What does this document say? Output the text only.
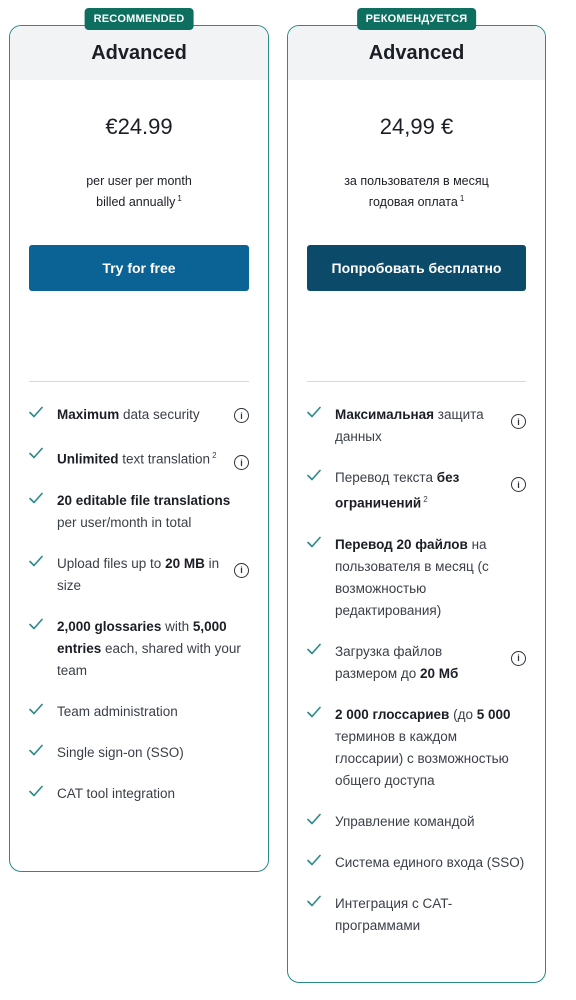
RECOMMENDED
Advanced
€24.99
per user per month
billed annually $^1$
Try for free
Maximum data security	i
Unlimited text translation $^2$
i
20 editable file translations per user/month in total
Upload files up to 20 MB in size
i
2,000 glossaries with 5,000 entries each, shared with your team
Team administration
Single sign-on (SSO)
CAT tool integration
РЕКОМЕНДУЕТСЯ
Advanced
24,99 €
за пользователя в месяц
годовая оплата $^1$
Попробовать бесплатно
Максимальная защита данных
i
Перевод текста без ограничений $^2$
i
Перевод 20 файлов на пользователя в месяц (с возможностью редактирования)
Загрузка файлов размером до 20 Мб
i
2 000 глоссариев (до 5 000 терминов в каждом глоссарии) с возможностью общего доступа
Управление командой
Система единого входа (SSO)
Интеграция с CAT-программами
